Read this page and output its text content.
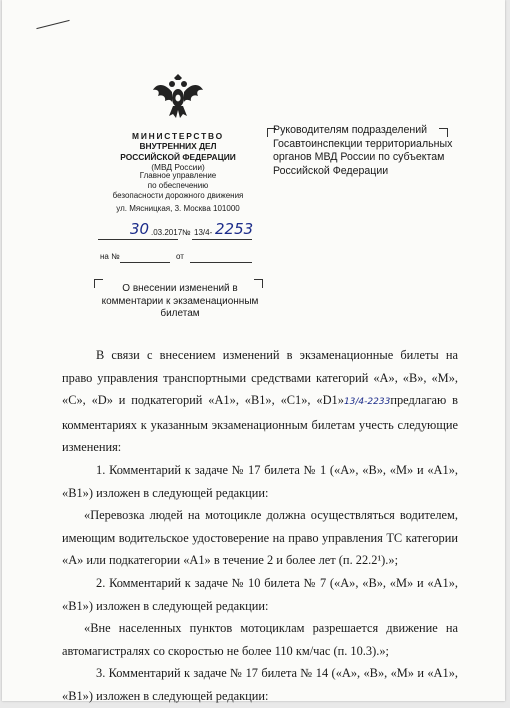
МИНИСТЕРСТВО
ВНУТРЕННИХ ДЕЛ
РОССИЙСКОЙ ФЕДЕРАЦИИ
(МВД России)
Главное управление
по обеспечению
безопасности дорожного движения
ул. Мясницкая, 3. Москва 101000
Руководителям подразделений Госавтоинспекции территориальных органов МВД России по субъектам Российской Федерации
30 .03.2017 № 13/4- 2253
на №	от
О внесении изменений в комментарии к экзаменационным билетам

В связи с внесением изменений в экзаменационные билеты на право управления транспортными средствами категорий «А», «В», «М», «С», «D» и подкатегорий «А1», «В1», «С1», «D1»13/4-2233предлагаю в комментариях к указанным экзаменационным билетам учесть следующие изменения:

1. Комментарий к задаче № 17 билета № 1 («А», «В», «М» и «А1», «В1») изложен в следующей редакции:

«Перевозка людей на мотоцикле должна осуществляться водителем, имеющим водительское удостоверение на право управления ТС категории «А» или подкатегории «А1» в течение 2 и более лет (п. 22.2¹).»;

2. Комментарий к задаче № 10 билета № 7 («А», «В», «М» и «А1», «В1») изложен в следующей редакции:

«Вне населенных пунктов мотоциклам разрешается движение на автомагистралях со скоростью не более 110 км/час (п. 10.3).»;

3. Комментарий к задаче № 17 билета № 14 («А», «В», «М» и «А1», «В1») изложен в следующей редакции:
